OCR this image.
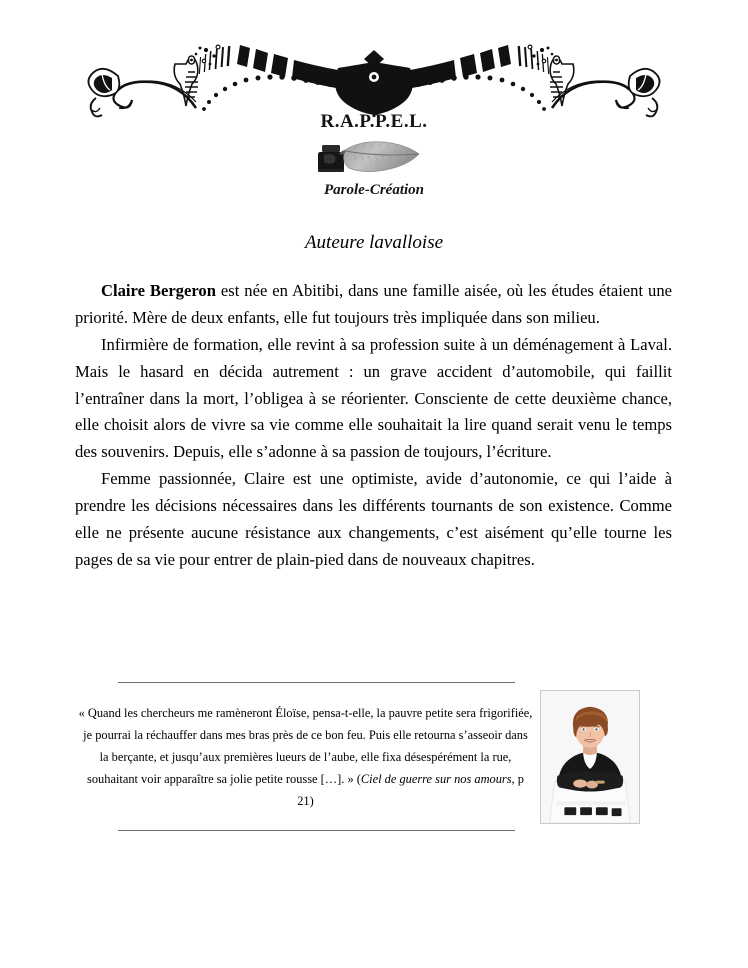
R.A.P.P.E.L.
Parole-Création
Auteure lavalloise

Claire Bergeron est née en Abitibi, dans une famille aisée, où les études étaient une priorité. Mère de deux enfants, elle fut toujours très impliquée dans son milieu.

Infirmière de formation, elle revint à sa profession suite à un déménagement à Laval. Mais le hasard en décida autrement : un grave accident d’automobile, qui faillit l’entraîner dans la mort, l’obligea à se réorienter. Consciente de cette deuxième chance, elle choisit alors de vivre sa vie comme elle souhaitait la lire quand serait venu le temps des souvenirs. Depuis, elle s’adonne à sa passion de toujours, l’écriture.

Femme passionnée, Claire est une optimiste, avide d’autonomie, ce qui l’aide à prendre les décisions nécessaires dans les différents tournants de son existence. Comme elle ne présente aucune résistance aux changements, c’est aisément qu’elle tourne les pages de sa vie pour entrer de plain-pied dans de nouveaux chapitres.

« Quand les chercheurs me ramèneront Éloïse, pensa-t-elle, la pauvre petite sera frigorifiée, je pourrai la réchauffer dans mes bras près de ce bon feu. Puis elle retourna s’asseoir dans la berçante, et jusqu’aux premières lueurs de l’aube, elle fixa désespérément la rue, souhaitant voir apparaître sa jolie petite rousse […]. » (Ciel de guerre sur nos amours, p 21)
